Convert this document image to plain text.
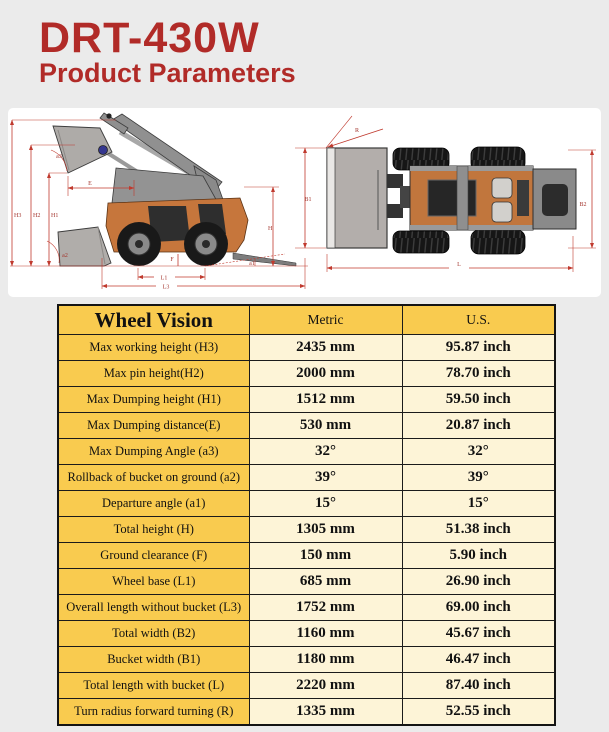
DRT-430W
Product Parameters
H3 H2 H1
E
a3
a2
a1
H
F
L1
L3
R
B1
B2
L
Wheel Vision	Metric	U.S.
Max working height (H3)	2435 mm	95.87 inch
Max pin height(H2)	2000 mm	78.70 inch
Max Dumping height (H1)	1512 mm	59.50 inch
Max Dumping distance(E)	530 mm	20.87 inch
Max Dumping Angle (a3)	32°	32°
Rollback of bucket on ground (a2)	39°	39°
Departure angle (a1)	15°	15°
Total height (H)	1305 mm	51.38 inch
Ground clearance (F)	150 mm	5.90 inch
Wheel base (L1)	685 mm	26.90 inch
Overall length without bucket (L3)	1752 mm	69.00 inch
Total width (B2)	1160 mm	45.67 inch
Bucket width (B1)	1180 mm	46.47 inch
Total length with bucket (L)	2220 mm	87.40 inch
Turn radius forward turning (R)	1335 mm	52.55 inch
